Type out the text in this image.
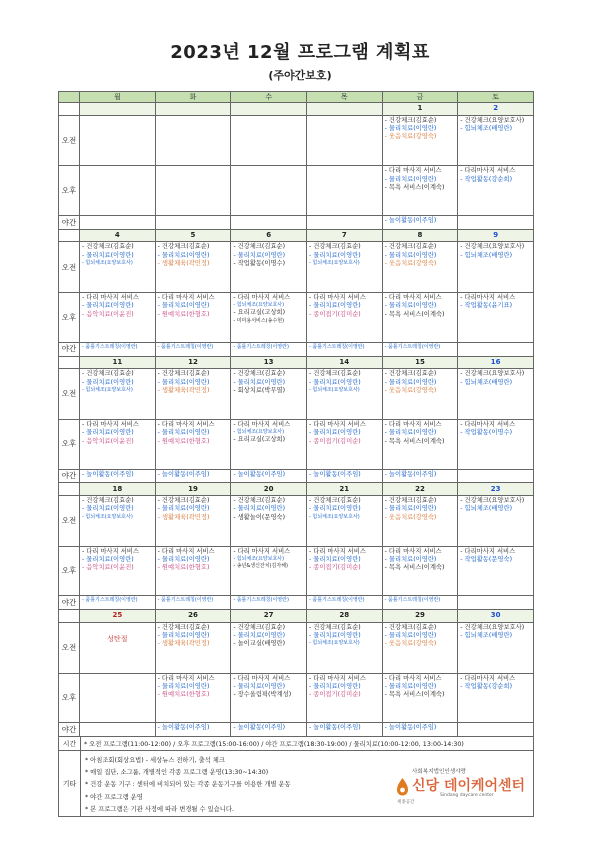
2023년 12월 프로그램 계획표
(주야간보호)
	월	화	수	목	금	토
					1	2
오전					- 건강체크(김효순)
- 물리치료(이영란)
- 웃음치료(강영숙)	- 건강체크(요양보호사)
- 힘뇌체조(배영란)

오후					- 다리 마사지 서비스
- 물리치료(이영란)
- 목욕 서비스(이계숙)	- 다리마사지 서비스
- 작업활동(강순희)

야간					- 놀이활동(이주임)	

	4	5	6	7	8	9
오전	- 건강체크(김효순)
- 물리치료(이영란)
- 힘뇌체조(요양보호사)	- 건강체크(김효순)
- 물리치료(이영란)
- 생활체육(곽민정)	- 건강체크(김효순)
- 물리치료(이영란)
- 작업활동(이명수)	- 건강체크(김효순)
- 물리치료(이영란)
- 힘뇌체조(요양보호사)	- 건강체크(김효순)
- 물리치료(이영란)
- 웃음치료(강영숙)	- 건강체크(요양보호사)
- 힘뇌체조(배영란)

오후	- 다리 마사지 서비스
- 물리치료(이영란)
- 음악치료(이윤진)	- 다리 마사지 서비스
- 물리치료(이영란)
- 원예치료(한형호)	- 다리 마사지 서비스
- 힘뇌체조(요양보호사)
- 요리교실(고상희)
- 미미용서비스(송수현)	- 다리 마사지 서비스
- 물리치료(이영란)
- 종이접기(김미순)	- 다리 마사지 서비스
- 물리치료(이영란)
- 목욕 서비스(이계숙)	- 다리마사지 서비스
- 작업활동(윤기표)

야간	- 품틀기스트레칭(이영란)	- 품틀기스트레칭(이영란)	- 품틀기스트레칭(이영란)	- 품틀기스트레칭(이영란)	- 품틀기스트레칭(이영란)	

	11	12	13	14	15	16
오전	- 건강체크(김효순)
- 물리치료(이영란)
- 힘뇌체조(요양보호사)	- 건강체크(김효순)
- 물리치료(이영란)
- 생활체육(곽민정)	- 건강체크(김효순)
- 물리치료(이영란)
- 회상치료(박무열)	- 건강체크(김효순)
- 물리치료(이영란)
- 힘뇌체조(요양보호사)	- 건강체크(김효순)
- 물리치료(이영란)
- 웃음치료(강영숙)	- 건강체크(요양보호사)
- 힘뇌체조(배영란)

오후	- 다리 마사지 서비스
- 물리치료(이영란)
- 음악치료(이윤진)	- 다리 마사지 서비스
- 물리치료(이영란)
- 원예치료(한형호)	- 다리 마사지 서비스
- 힘뇌체조(요양보호사)
- 요리교실(고상희)	- 다리 마사지 서비스
- 물리치료(이영란)
- 종이접기(김미순)	- 다리 마사지 서비스
- 물리치료(이영란)
- 목욕 서비스(이계숙)	- 다리마사지 서비스
- 작업활동(이명수)

야간	- 놀이활동(이주임)	- 놀이활동(이주임)	- 놀이활동(이주임)	- 놀이활동(이주임)	- 놀이활동(이주임)	

	18	19	20	21	22	23
오전	- 건강체크(김효순)
- 물리치료(이영란)
- 힘뇌체조(요양보호사)	- 건강체크(김효순)
- 물리치료(이영란)
- 생활체육(곽민정)	- 건강체크(김효순)
- 물리치료(이영란)
- 생활놀이(문영숙)	- 건강체크(김효순)
- 물리치료(이영란)
- 힘뇌체조(요양보호사)	- 건강체크(김효순)
- 물리치료(이영란)
- 웃음치료(강영숙)	- 건강체크(요양보호사)
- 힘뇌체조(배영란)

오후	- 다리 마사지 서비스
- 물리치료(이영란)
- 음악치료(이윤진)	- 다리 마사지 서비스
- 물리치료(이영란)
- 원예치료(한형호)	- 다리 마사지 서비스
- 힘뇌체조(요양보호사)
- 송년&생신잔치(김자해)	- 다리 마사지 서비스
- 물리치료(이영란)
- 종이접기(김미순)	- 다리 마사지 서비스
- 물리치료(이영란)
- 목욕 서비스(이계숙)	- 다리마사지 서비스
- 작업활동(문영숙)

야간	- 품틀기스트레칭(이영란)	- 품틀기스트레칭(이영란)	- 품틀기스트레칭(이영란)	- 품틀기스트레칭(이영란)	- 품틀기스트레칭(이영란)	

	25	26	27	28	29	30
오전	성탄절	- 건강체크(김효순)
- 물리치료(이영란)
- 생활체육(곽민정)	- 건강체크(김효순)
- 물리치료(이영란)
- 놀이교실(배영란)	- 건강체크(김효순)
- 물리치료(이영란)
- 힘뇌체조(요양보호사)	- 건강체크(김효순)
- 물리치료(이영란)
- 웃음치료(강영숙)	- 건강체크(요양보호사)
- 힘뇌체조(배영란)

오후		- 다리 마사지 서비스
- 물리치료(이영란)
- 원예치료(한형호)	- 다리 마사지 서비스
- 물리치료(이영란)
- 장수올림픽(박계성)	- 다리 마사지 서비스
- 물리치료(이영란)
- 종이접기(김미순)	- 다리 마사지 서비스
- 물리치료(이영란)
- 목욕 서비스(이계숙)	- 다리마사지 서비스
- 작업활동(강순희)

야간		- 놀이활동(이주임)	- 놀이활동(이주임)	- 놀이활동(이주임)	- 놀이활동(이주임)	

시간	* 오전 프로그램(11:00-12:00) / 오후 프로그램(15:00-16:00) / 야간 프로그램(18:30-19:00) / 물리치료(10:00-12:00, 13:00-14:30)
기타
* 아침조회(회상요법) - 세상뉴스 전하기, 출석 체크
* 매일 집단, 소그룹, 개별적인 각종 프로그램 운영(13:30~14:30)
* 건강 운동 기구 : 센터에 비치되어 있는 각종 운동기구를 이용한 개별 운동
* 야간 프로그램 운영
* 본 프로그램은 기관 사정에 따라 변경될 수 있습니다.
사회복지법인인생샤랑
신당 데이케어센터
Sindang daycare center
세종공간
